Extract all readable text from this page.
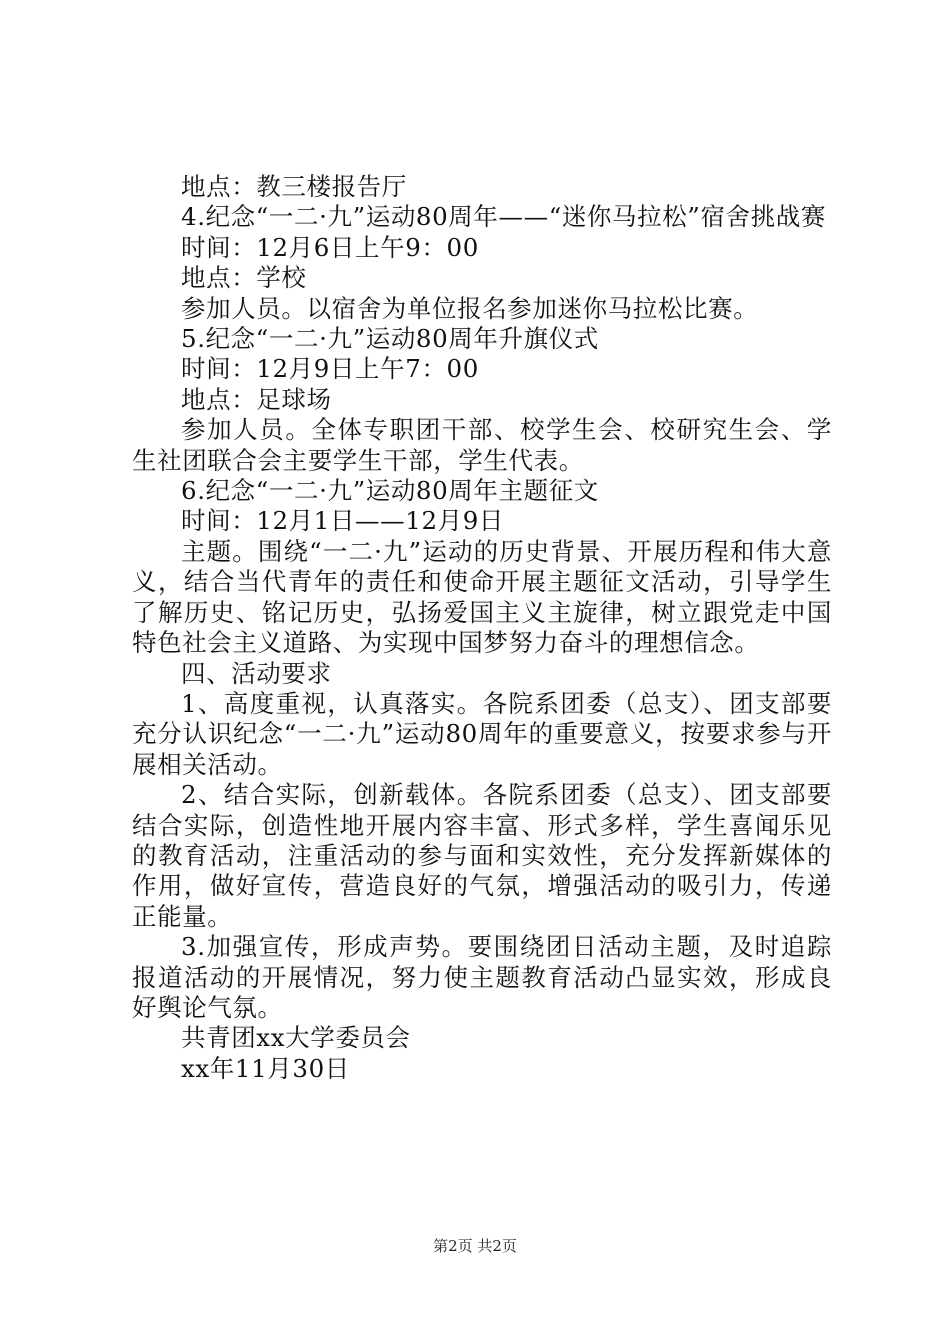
地点：教三楼报告厅

4.纪念“一二·九”运动80周年——“迷你马拉松”宿舍挑战赛

时间：12月6日上午9：00

地点：学校

参加人员。以宿舍为单位报名参加迷你马拉松比赛。

5.纪念“一二·九”运动80周年升旗仪式

时间：12月9日上午7：00

地点：足球场

参加人员。全体专职团干部、校学生会、校研究生会、学生社团联合会主要学生干部，学生代表。

6.纪念“一二·九”运动80周年主题征文

时间：12月1日——12月9日

主题。围绕“一二·九”运动的历史背景、开展历程和伟大意义，结合当代青年的责任和使命开展主题征文活动，引导学生了解历史、铭记历史，弘扬爱国主义主旋律，树立跟党走中国特色社会主义道路、为实现中国梦努力奋斗的理想信念。

四、活动要求

1、高度重视，认真落实。各院系团委（总支）、团支部要充分认识纪念“一二·九”运动80周年的重要意义，按要求参与开展相关活动。

2、结合实际，创新载体。各院系团委（总支）、团支部要结合实际，创造性地开展内容丰富、形式多样，学生喜闻乐见的教育活动，注重活动的参与面和实效性，充分发挥新媒体的作用，做好宣传，营造良好的气氛，增强活动的吸引力，传递正能量。

3.加强宣传，形成声势。要围绕团日活动主题，及时追踪报道活动的开展情况，努力使主题教育活动凸显实效，形成良好舆论气氛。

共青团xx大学委员会

xx年11月30日

第2页 共2页
